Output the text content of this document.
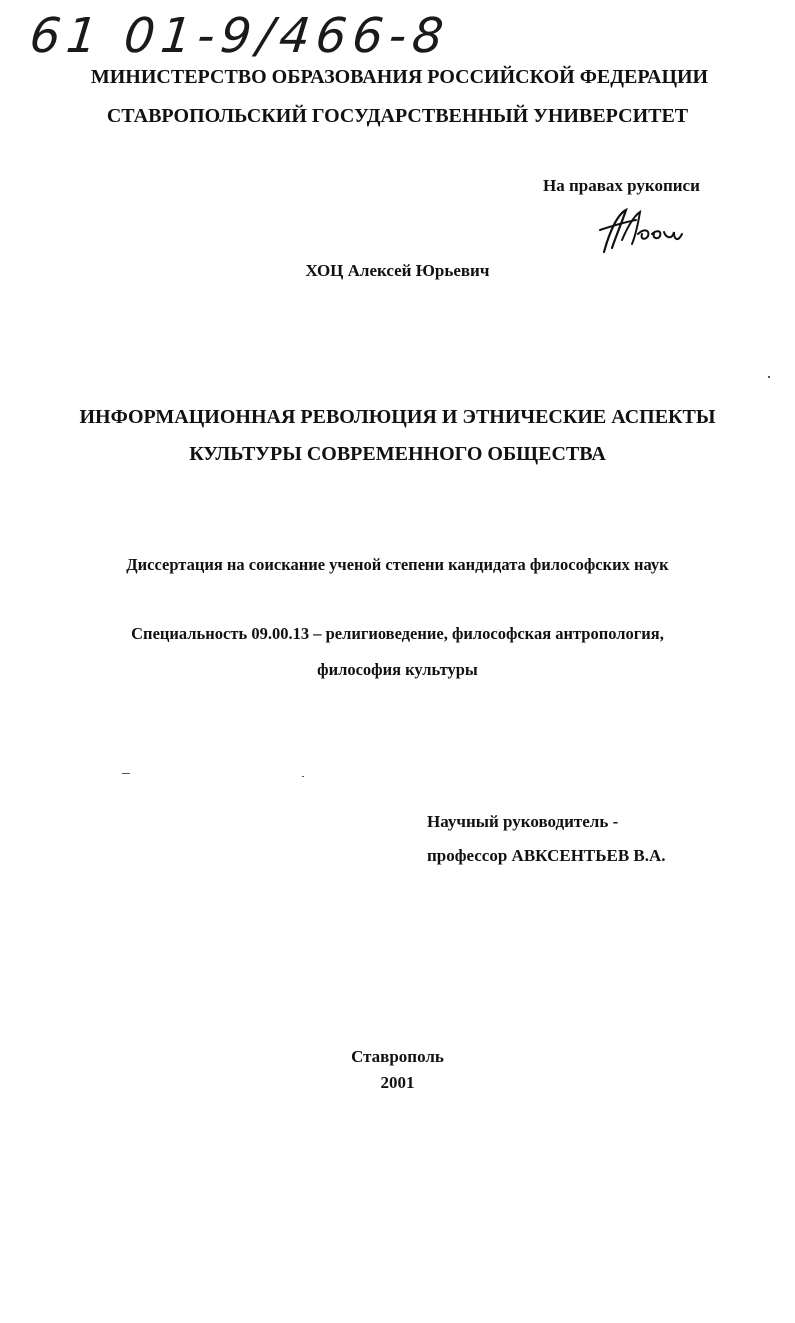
61 01-9/466-8
МИНИСТЕРСТВО ОБРАЗОВАНИЯ РОССИЙСКОЙ ФЕДЕРАЦИИ
СТАВРОПОЛЬСКИЙ ГОСУДАРСТВЕННЫЙ УНИВЕРСИТЕТ
На правах рукописи
ХОЦ Алексей Юрьевич
ИНФОРМАЦИОННАЯ РЕВОЛЮЦИЯ И ЭТНИЧЕСКИЕ АСПЕКТЫ
КУЛЬТУРЫ СОВРЕМЕННОГО ОБЩЕСТВА
Диссертация на соискание ученой степени кандидата философских наук
Специальность 09.00.13 – религиоведение, философская антропология,
философия культуры
Научный руководитель -
профессор АВКСЕНТЬЕВ В.А.
Ставрополь
2001
